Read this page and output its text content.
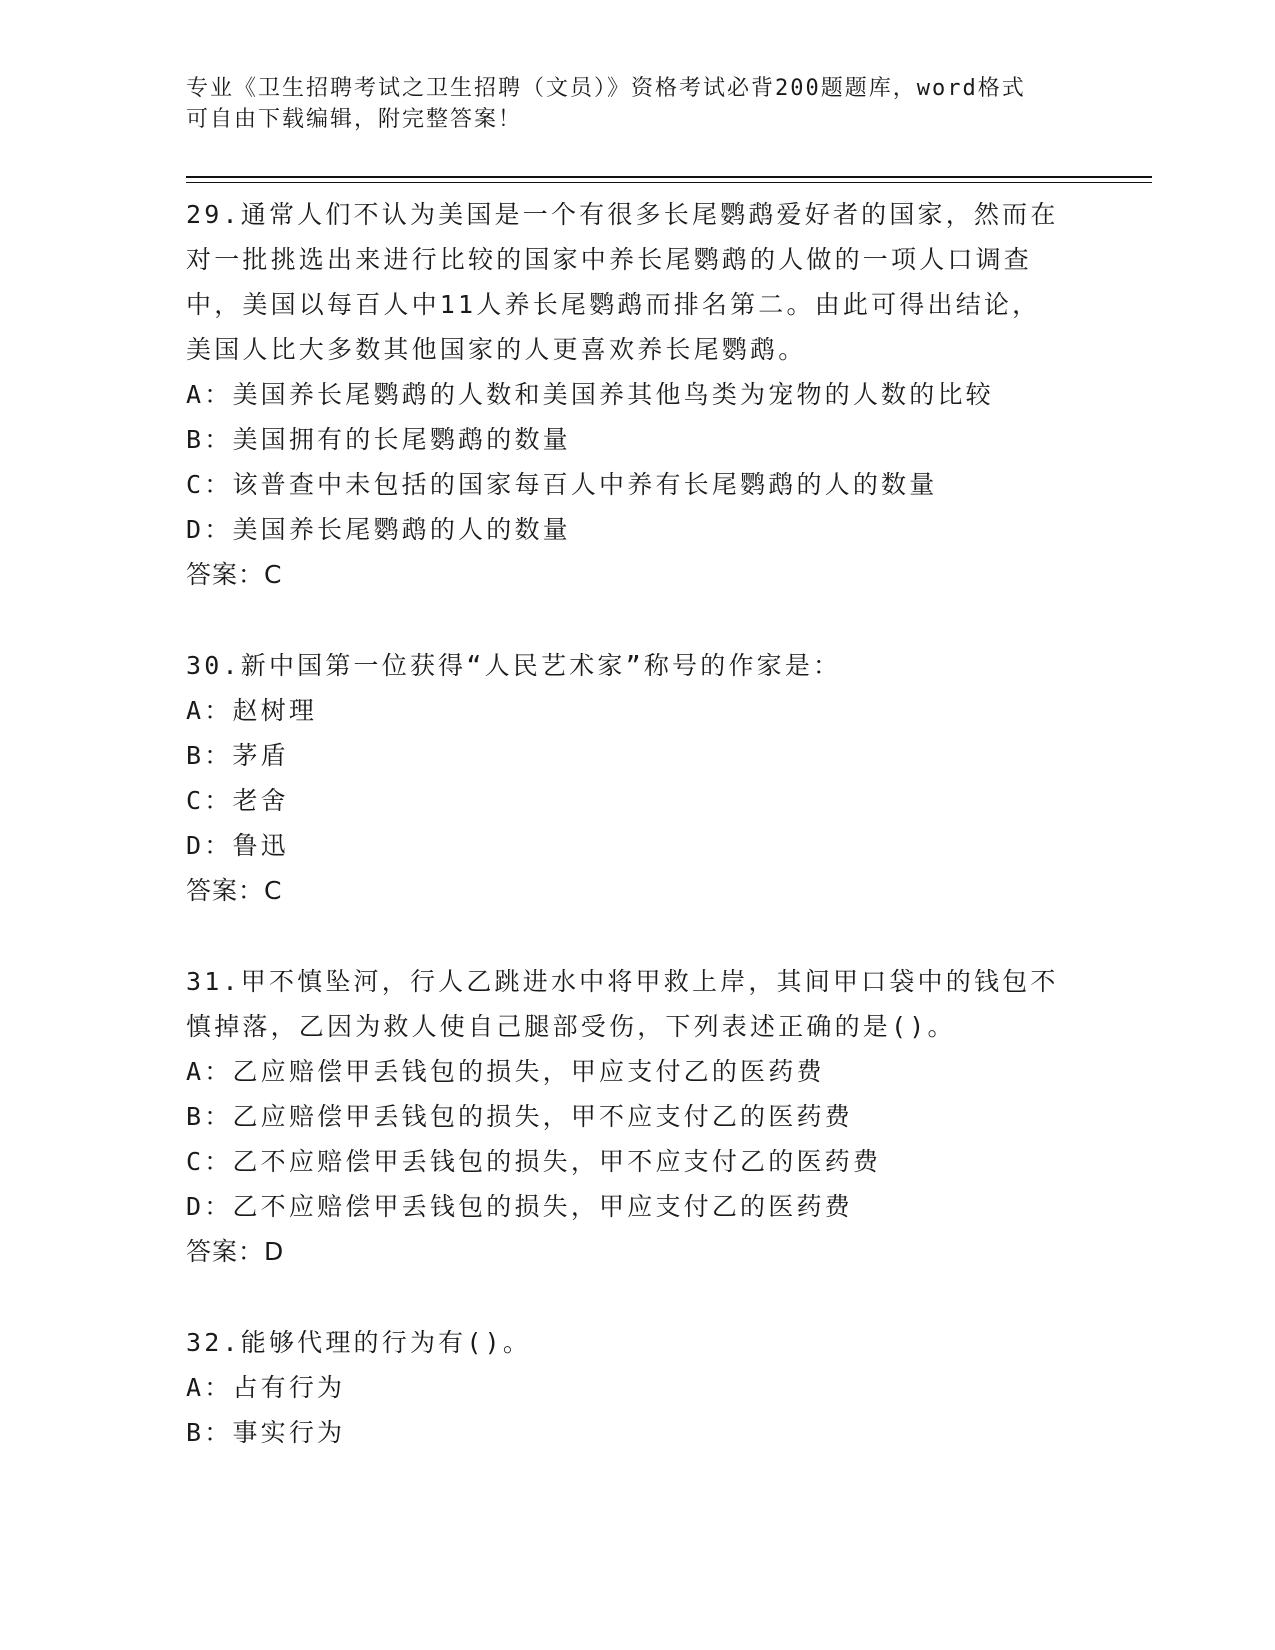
专业《卫生招聘考试之卫生招聘（文员）》资格考试必背200题题库，word格式
可自由下载编辑，附完整答案！
29.通常人们不认为美国是一个有很多长尾鹦鹉爱好者的国家，然而在
对一批挑选出来进行比较的国家中养长尾鹦鹉的人做的一项人口调查
中，美国以每百人中11人养长尾鹦鹉而排名第二。由此可得出结论，
美国人比大多数其他国家的人更喜欢养长尾鹦鹉。
A：美国养长尾鹦鹉的人数和美国养其他鸟类为宠物的人数的比较
B：美国拥有的长尾鹦鹉的数量
C：该普查中未包括的国家每百人中养有长尾鹦鹉的人的数量
D：美国养长尾鹦鹉的人的数量
答案：C
30.新中国第一位获得“人民艺术家”称号的作家是：
A：赵树理
B：茅盾
C：老舍
D：鲁迅
答案：C
31.甲不慎坠河，行人乙跳进水中将甲救上岸，其间甲口袋中的钱包不
慎掉落，乙因为救人使自己腿部受伤，下列表述正确的是()。
A：乙应赔偿甲丢钱包的损失，甲应支付乙的医药费
B：乙应赔偿甲丢钱包的损失，甲不应支付乙的医药费
C：乙不应赔偿甲丢钱包的损失，甲不应支付乙的医药费
D：乙不应赔偿甲丢钱包的损失，甲应支付乙的医药费
答案：D
32.能够代理的行为有()。
A：占有行为
B：事实行为
